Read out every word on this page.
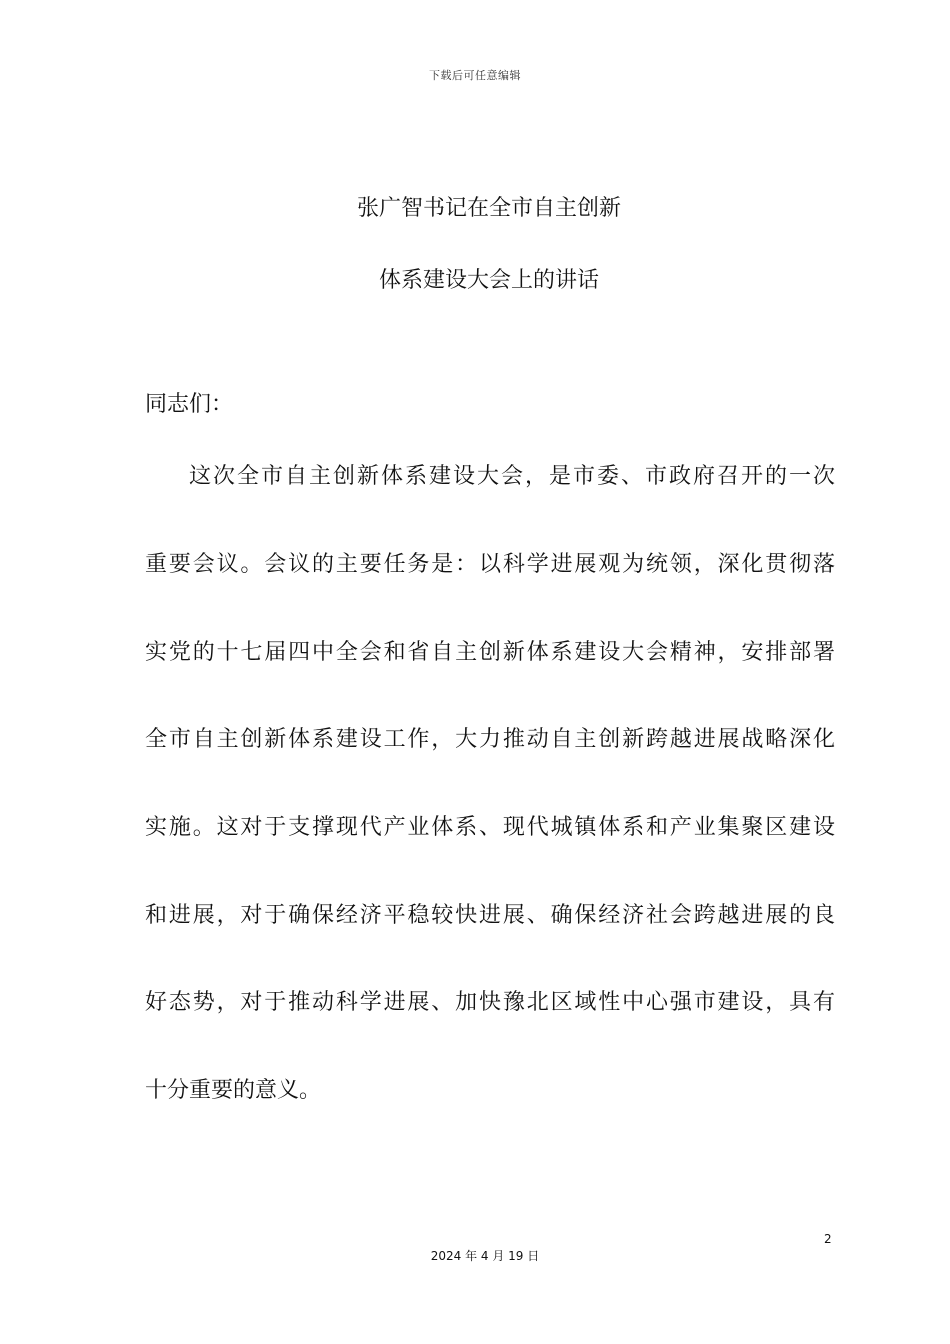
下载后可任意编辑
张广智书记在全市自主创新
体系建设大会上的讲话
同志们：
这次全市自主创新体系建设大会，是市委、市政府召开的一次
重要会议。会议的主要任务是：以科学进展观为统领，深化贯彻落
实党的十七届四中全会和省自主创新体系建设大会精神，安排部署
全市自主创新体系建设工作，大力推动自主创新跨越进展战略深化
实施。这对于支撑现代产业体系、现代城镇体系和产业集聚区建设
和进展，对于确保经济平稳较快进展、确保经济社会跨越进展的良
好态势，对于推动科学进展、加快豫北区域性中心强市建设，具有
十分重要的意义。
2
2024 年 4 月 19 日
